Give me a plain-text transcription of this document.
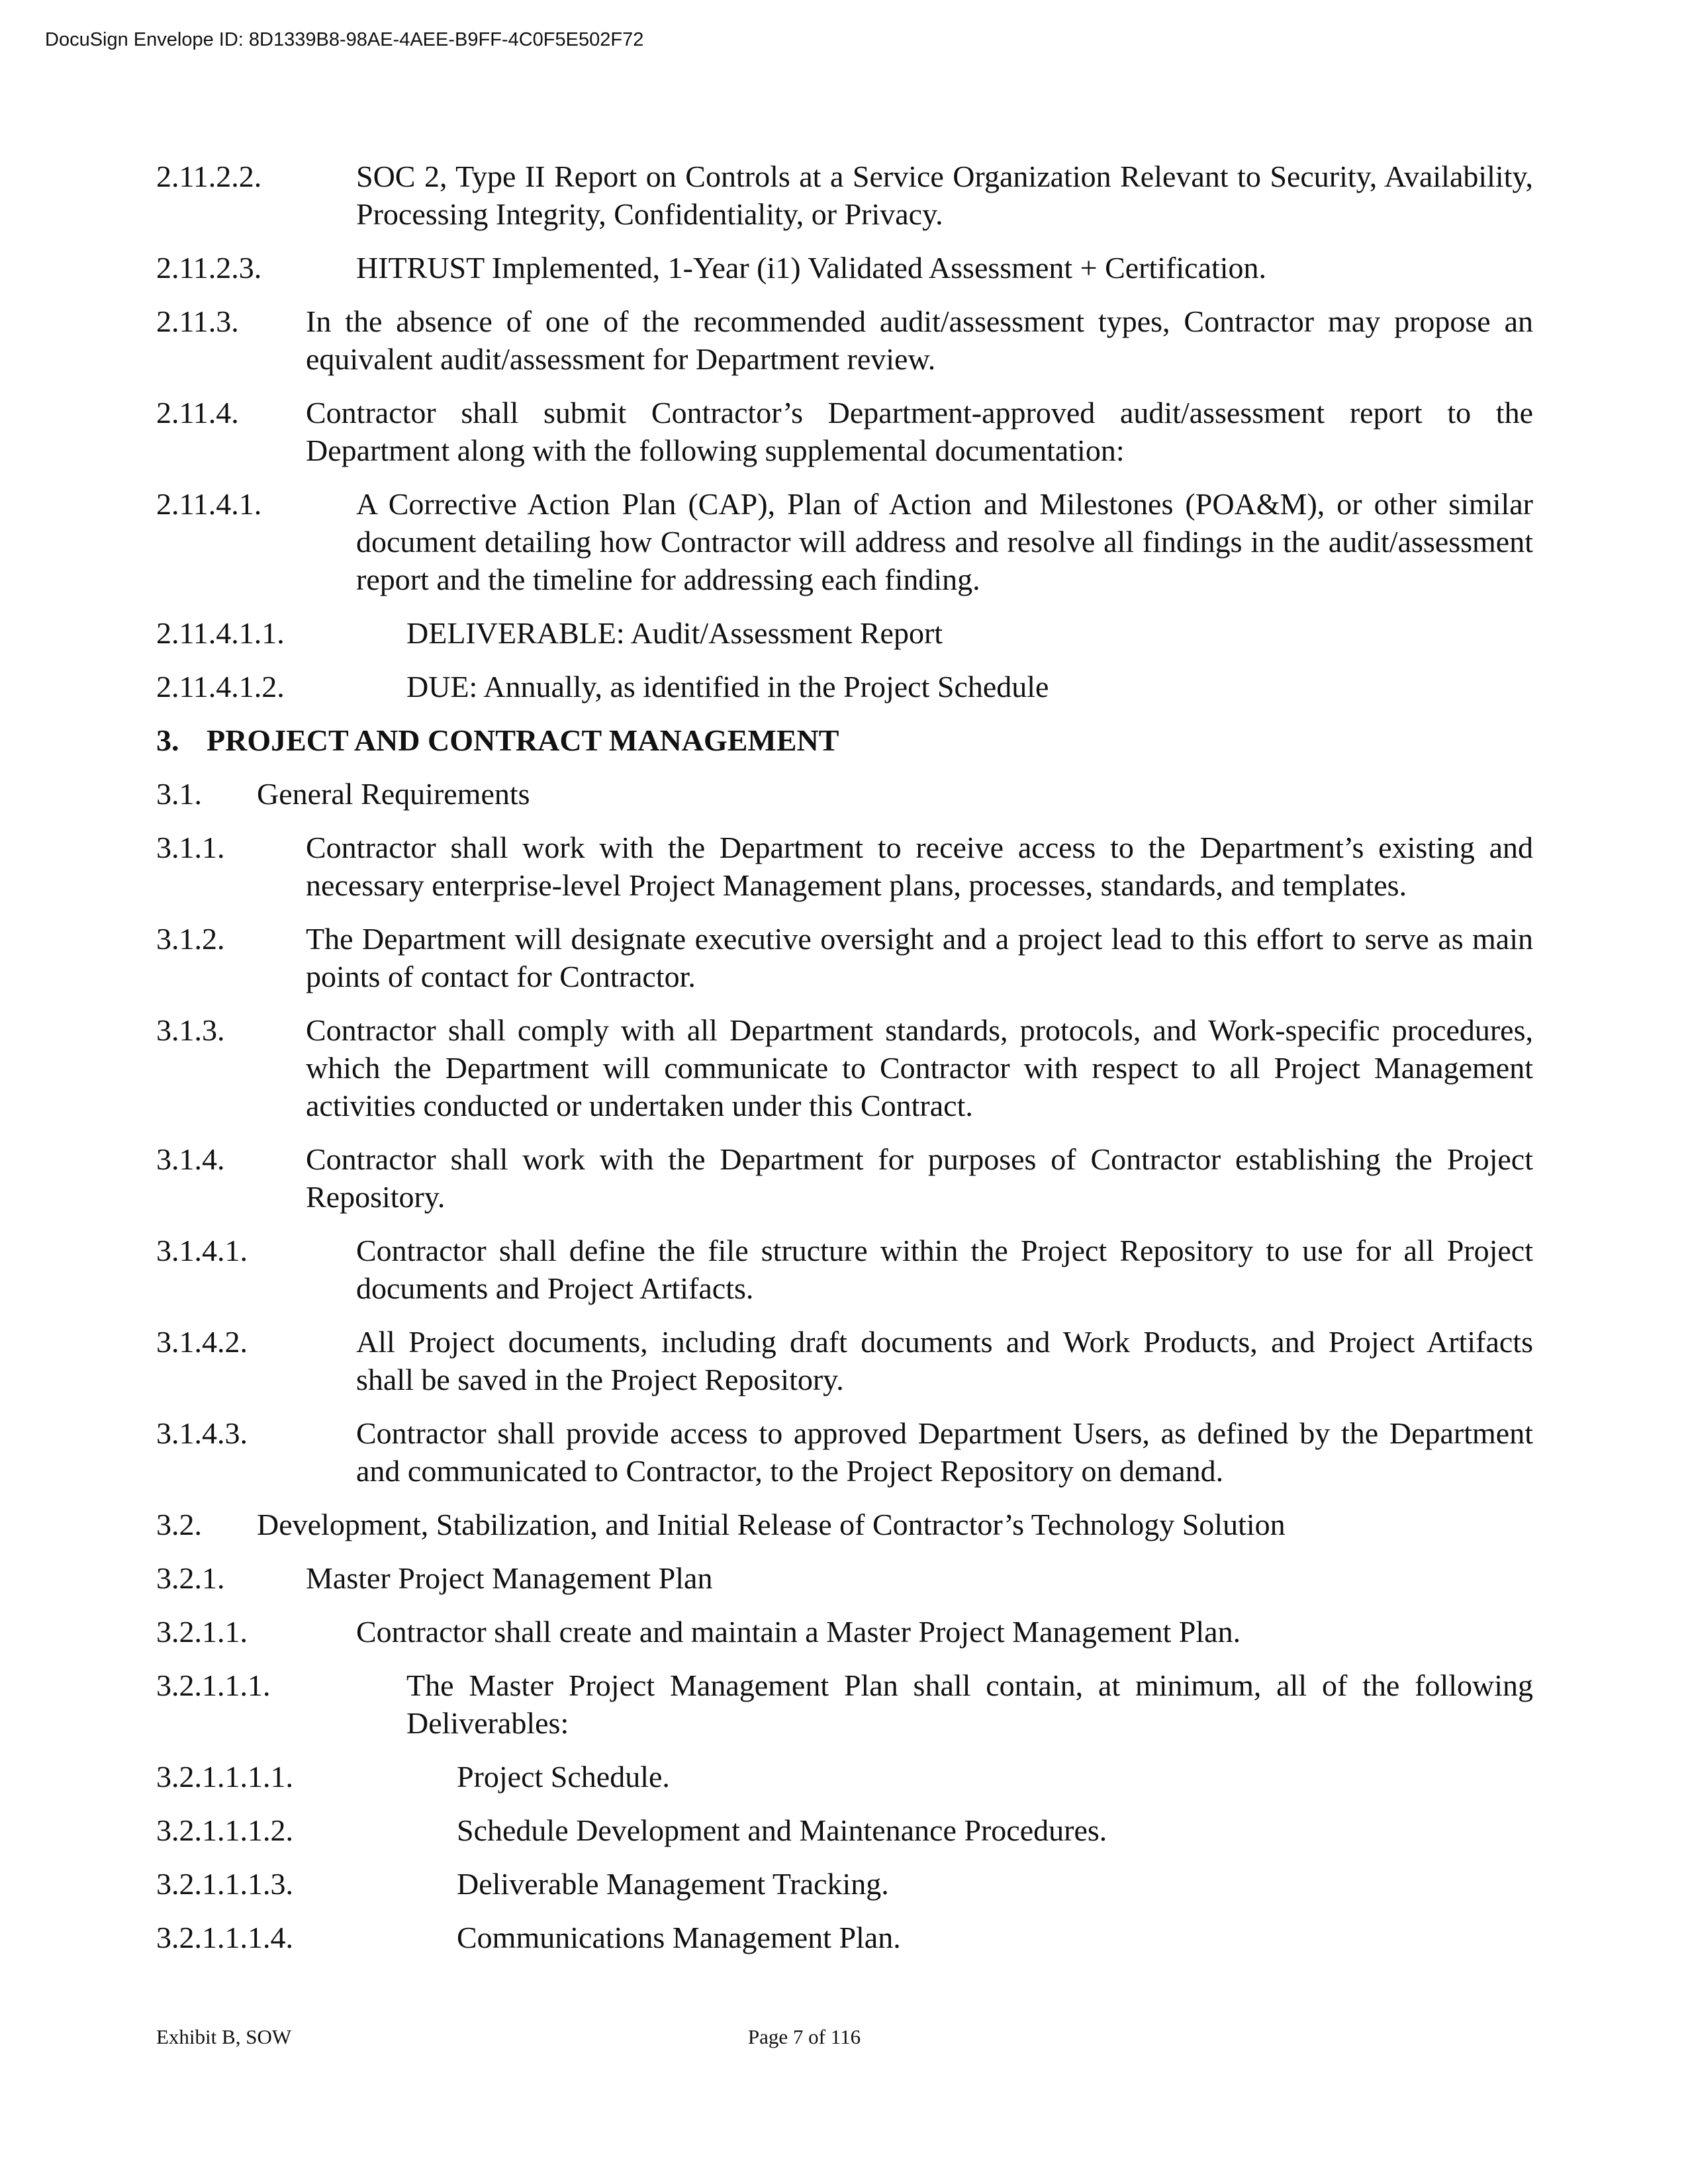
DocuSign Envelope ID: 8D1339B8-98AE-4AEE-B9FF-4C0F5E502F72
2.11.2.2.	SOC 2, Type II Report on Controls at a Service Organization Relevant to Security, Availability, Processing Integrity, Confidentiality, or Privacy.
2.11.2.3.	HITRUST Implemented, 1-Year (i1) Validated Assessment + Certification.
2.11.3.	In the absence of one of the recommended audit/assessment types, Contractor may propose an equivalent audit/assessment for Department review.
2.11.4.	Contractor shall submit Contractor’s Department-approved audit/assessment report to the Department along with the following supplemental documentation:
2.11.4.1.	A Corrective Action Plan (CAP), Plan of Action and Milestones (POA&M), or other similar document detailing how Contractor will address and resolve all findings in the audit/assessment report and the timeline for addressing each finding.
2.11.4.1.1.	DELIVERABLE: Audit/Assessment Report
2.11.4.1.2.	DUE: Annually, as identified in the Project Schedule
3. PROJECT AND CONTRACT MANAGEMENT
3.1.	General Requirements
3.1.1.	Contractor shall work with the Department to receive access to the Department’s existing and necessary enterprise-level Project Management plans, processes, standards, and templates.
3.1.2.	The Department will designate executive oversight and a project lead to this effort to serve as main points of contact for Contractor.
3.1.3.	Contractor shall comply with all Department standards, protocols, and Work-specific procedures, which the Department will communicate to Contractor with respect to all Project Management activities conducted or undertaken under this Contract.
3.1.4.	Contractor shall work with the Department for purposes of Contractor establishing the Project Repository.
3.1.4.1.	Contractor shall define the file structure within the Project Repository to use for all Project documents and Project Artifacts.
3.1.4.2.	All Project documents, including draft documents and Work Products, and Project Artifacts shall be saved in the Project Repository.
3.1.4.3.	Contractor shall provide access to approved Department Users, as defined by the Department and communicated to Contractor, to the Project Repository on demand.
3.2.	Development, Stabilization, and Initial Release of Contractor’s Technology Solution
3.2.1.	Master Project Management Plan
3.2.1.1.	Contractor shall create and maintain a Master Project Management Plan.
3.2.1.1.1.	The Master Project Management Plan shall contain, at minimum, all of the following Deliverables:
3.2.1.1.1.1.	Project Schedule.
3.2.1.1.1.2.	Schedule Development and Maintenance Procedures.
3.2.1.1.1.3.	Deliverable Management Tracking.
3.2.1.1.1.4.	Communications Management Plan.
Exhibit B, SOW	Page 7 of 116
